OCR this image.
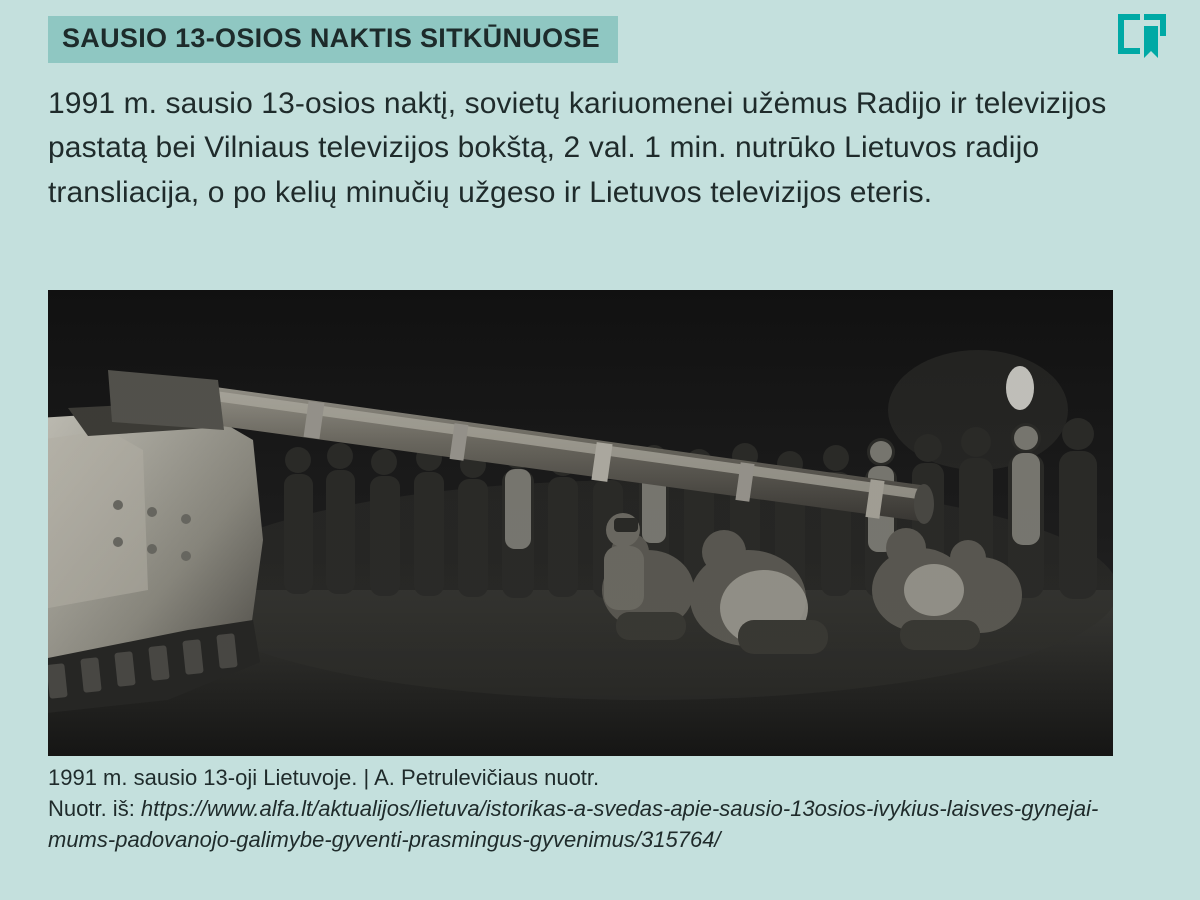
SAUSIO 13-OSIOS NAKTIS SITKŪNUOSE
1991 m. sausio 13-osios naktį, sovietų kariuomenei užėmus Radijo ir televizijos pastatą bei Vilniaus televizijos bokštą, 2 val. 1 min. nutrūko Lietuvos radijo transliacija, o po kelių minučių užgeso ir Lietuvos televizijos eteris.
1991 m. sausio 13-oji Lietuvoje. | A. Petrulevičiaus nuotr.
Nuotr. iš: https://www.alfa.lt/aktualijos/lietuva/istorikas-a-svedas-apie-sausio-13osios-ivykius-laisves-gynejai-mums-padovanojo-galimybe-gyventi-prasmingus-gyvenimus/315764/
